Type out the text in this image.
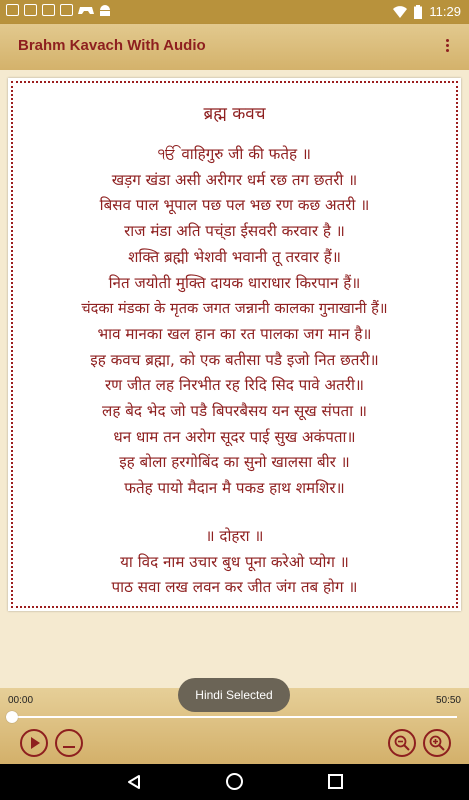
11:29
Brahm Kavach With Audio
ब्रह्म कवच
ੴ वाहिगुरु जी की फतेह ॥
खड़ग खंडा असी अरीगर धर्म रछ तग छतरी ॥
बिसव पाल भूपाल पछ पल भछ रण कछ अतरी ॥
राज मंडा अति पच्ंडा ईसवरी करवार है ॥
शक्ति ब्रह्मी भेशवी भवानी तू तरवार हैं॥
नित जयोती मुक्ति दायक धाराधार किरपान हैं॥
चंदका मंडका के मृतक जगत जन्नानी कालका गुनाखानी हैं॥
भाव मानका खल हान का रत पालका जग मान है॥
इह कवच ब्रह्मा, को एक बतीसा पडै इजो नित छतरी॥
रण जीत लह निरभीत रह रिदि सिद पावे अतरी॥
लह बेद भेद जो पडै बिपरबैसय यन सूख संपता ॥
धन धाम तन अरोग सूदर पाई सुख अकंपता॥
इह बोला हरगोबिंद का सुनो खालसा बीर ॥
फतेह पायो मैदान मै पकड हाथ शमशिर॥
॥ दोहरा ॥
या विद नाम उचार बुध पूना करेओ प्योग ॥
पाठ सवा लख लवन कर जीत जंग तब होग ॥
00:00	50:50
Hindi Selected
